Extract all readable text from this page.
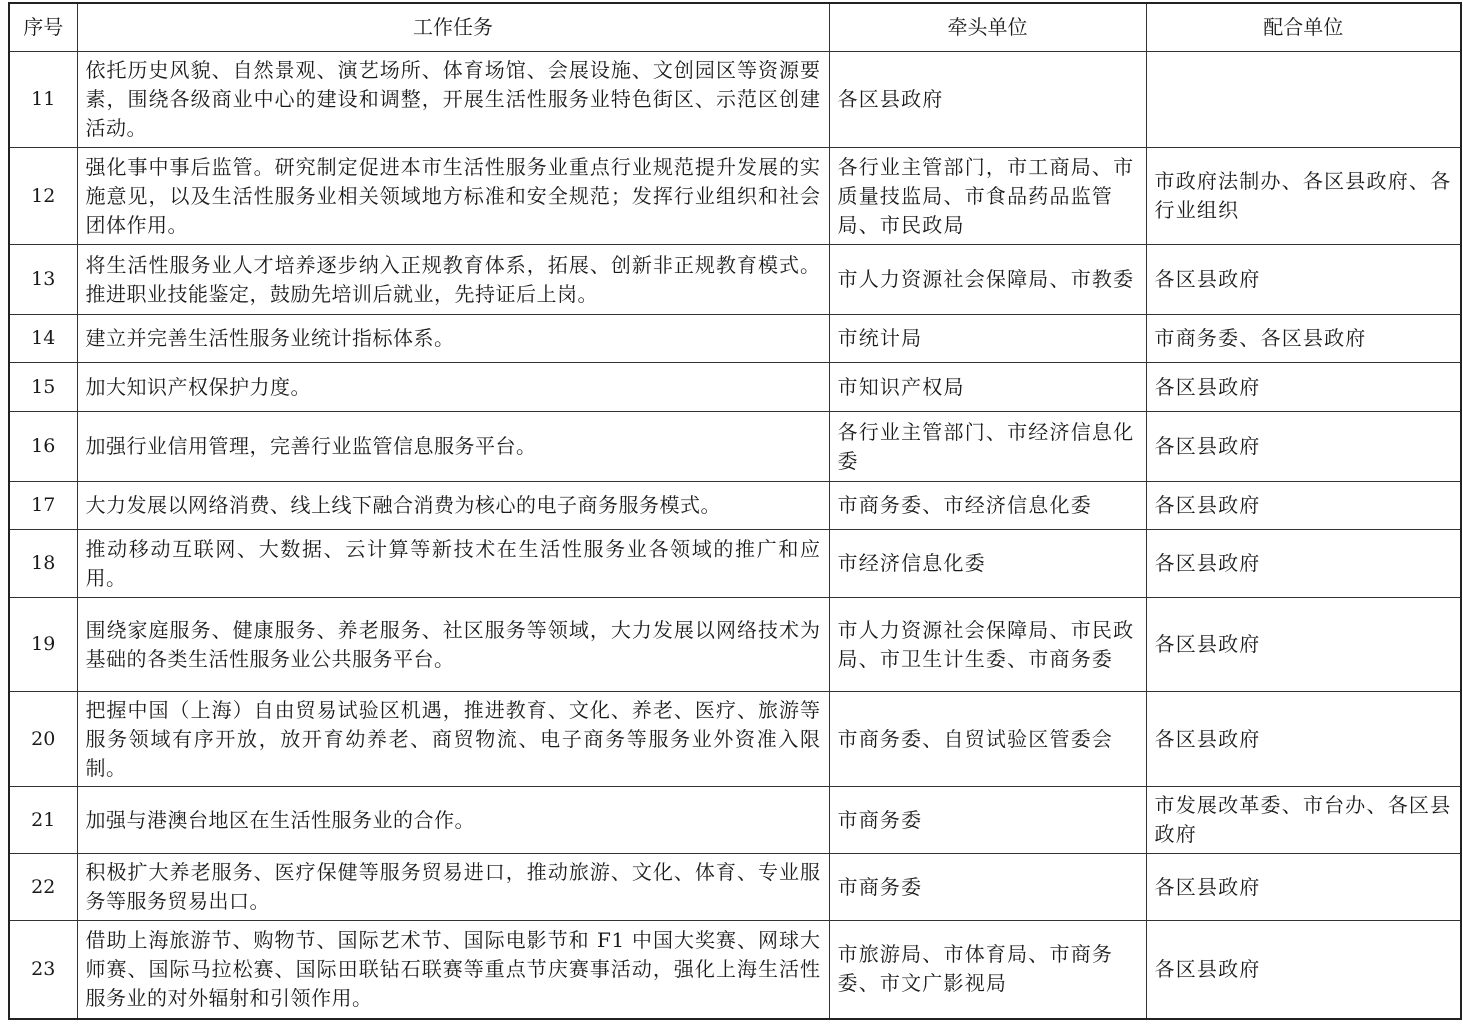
序号	工作任务	牵头单位	配合单位
11	依托历史风貌、自然景观、演艺场所、体育场馆、会展设施、文创园区等资源要素，围绕各级商业中心的建设和调整，开展生活性服务业特色街区、示范区创建活动。	各区县政府	
12	强化事中事后监管。研究制定促进本市生活性服务业重点行业规范提升发展的实施意见，以及生活性服务业相关领域地方标准和安全规范；发挥行业组织和社会团体作用。	各行业主管部门，市工商局、市质量技监局、市食品药品监管局、市民政局	市政府法制办、各区县政府、各行业组织
13	将生活性服务业人才培养逐步纳入正规教育体系，拓展、创新非正规教育模式。推进职业技能鉴定，鼓励先培训后就业，先持证后上岗。	市人力资源社会保障局、市教委	各区县政府
14	建立并完善生活性服务业统计指标体系。	市统计局	市商务委、各区县政府
15	加大知识产权保护力度。	市知识产权局	各区县政府
16	加强行业信用管理，完善行业监管信息服务平台。	各行业主管部门、市经济信息化委	各区县政府
17	大力发展以网络消费、线上线下融合消费为核心的电子商务服务模式。	市商务委、市经济信息化委	各区县政府
18	推动移动互联网、大数据、云计算等新技术在生活性服务业各领域的推广和应用。	市经济信息化委	各区县政府
19	围绕家庭服务、健康服务、养老服务、社区服务等领域，大力发展以网络技术为基础的各类生活性服务业公共服务平台。	市人力资源社会保障局、市民政局、市卫生计生委、市商务委	各区县政府
20	把握中国（上海）自由贸易试验区机遇，推进教育、文化、养老、医疗、旅游等服务领域有序开放，放开育幼养老、商贸物流、电子商务等服务业外资准入限制。	市商务委、自贸试验区管委会	各区县政府
21	加强与港澳台地区在生活性服务业的合作。	市商务委	市发展改革委、市台办、各区县政府
22	积极扩大养老服务、医疗保健等服务贸易进口，推动旅游、文化、体育、专业服务等服务贸易出口。	市商务委	各区县政府
23	借助上海旅游节、购物节、国际艺术节、国际电影节和 F1 中国大奖赛、网球大师赛、国际马拉松赛、国际田联钻石联赛等重点节庆赛事活动，强化上海生活性服务业的对外辐射和引领作用。	市旅游局、市体育局、市商务委、市文广影视局	各区县政府
